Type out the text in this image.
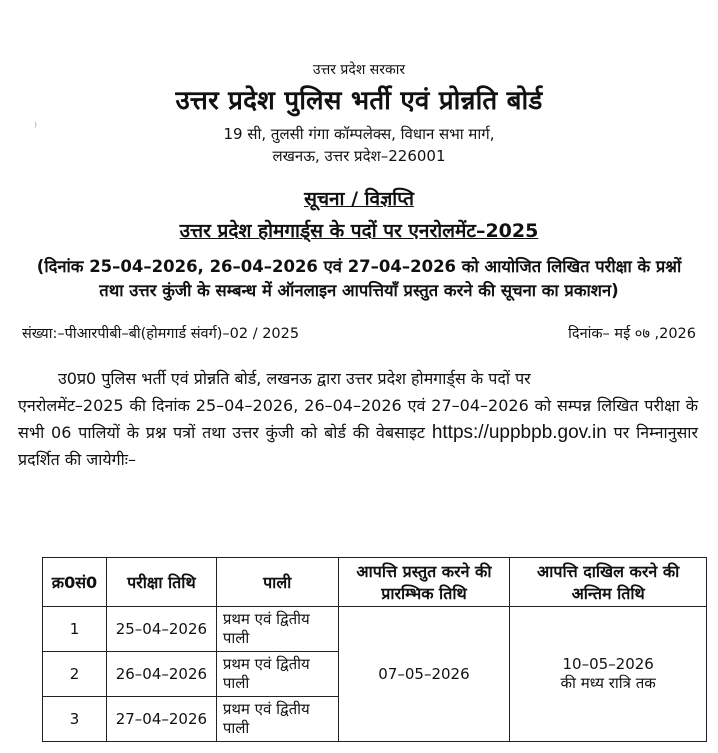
⁾
उत्तर प्रदेश सरकार
उत्तर प्रदेश पुलिस भर्ती एवं प्रोन्नति बोर्ड
19 सी, तुलसी गंगा कॉम्पलेक्स, विधान सभा मार्ग,
लखनऊ, उत्तर प्रदेश–226001
सूचना / विज्ञप्ति
उत्तर प्रदेश होमगार्ड्स के पदों पर एनरोलमेंट–2025
(दिनांक 25–04–2026, 26–04–2026 एवं 27–04–2026 को आयोजित लिखित परीक्षा के प्रश्नों तथा उत्तर कुंजी के सम्बन्ध में ऑनलाइन आपत्तियॉं प्रस्तुत करने की सूचना का प्रकाशन)
संख्या:–पीआरपीबी–बी(होमगार्ड संवर्ग)–02 / 2025	दिनांक– मई ०७ ,2026
उ0प्र0 पुलिस भर्ती एवं प्रोन्नति बोर्ड, लखनऊ द्वारा उत्तर प्रदेश होमगार्ड्स के पदों पर
एनरोलमेंट–2025 की दिनांक 25–04–2026, 26–04–2026 एवं 27–04–2026 को सम्पन्न लिखित परीक्षा के सभी 06 पालियों के प्रश्न पत्रों तथा उत्तर कुंजी को बोर्ड की वेबसाइट https://uppbpb.gov.in पर निम्नानुसार प्रदर्शित की जायेगीः–
क्र0सं0	परीक्षा तिथि	पाली	आपत्ति प्रस्तुत करने की प्रारम्भिक तिथि	आपत्ति दाखिल करने की अन्तिम तिथि
1	25–04–2026	प्रथम एवं द्वितीय पाली	07–05–2026	10–05–2026
की मध्य रात्रि तक

2	26–04–2026	प्रथम एवं द्वितीय पाली		
3	27–04–2026	प्रथम एवं द्वितीय पाली		
